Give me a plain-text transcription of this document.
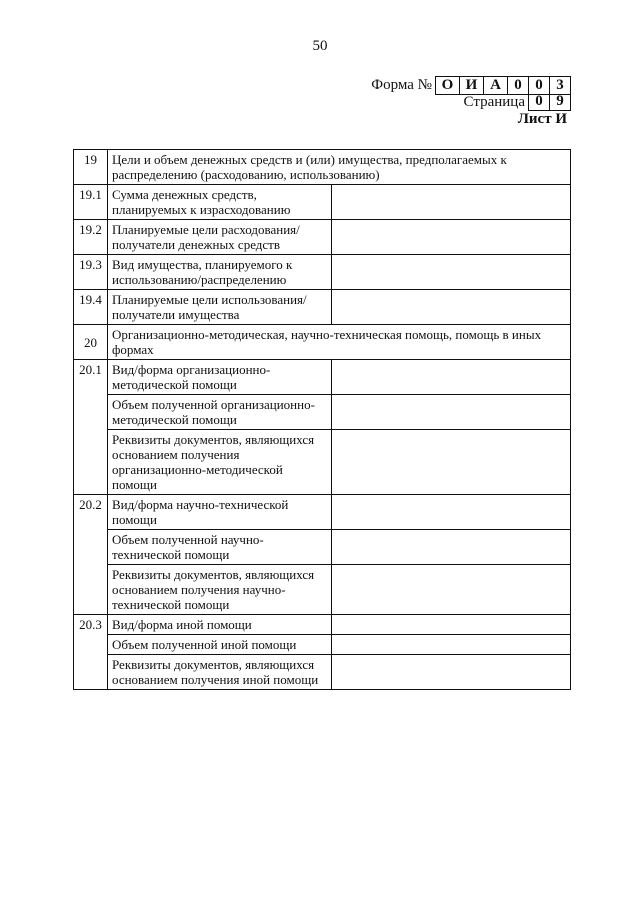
50
Форма № О И А 0 0 3
Страница 0 9
Лист И
19	Цели и объем денежных средств и (или) имущества, предполагаемых к распределению (расходованию, использованию)	
19.1	Сумма денежных средств, планируемых к израсходованию	
19.2	Планируемые цели расходования/ получатели денежных средств	
19.3	Вид имущества, планируемого к использованию/распределению	
19.4	Планируемые цели использования/ получатели имущества	
20	Организационно-методическая, научно-техническая помощь, помощь в иных формах	
20.1	Вид/форма организационно-методической помощи	
	Объем полученной организационно-методической помощи	
	Реквизиты документов, являющихся основанием получения организационно-методической помощи	
20.2	Вид/форма научно-технической помощи	
	Объем полученной научно-технической помощи	
	Реквизиты документов, являющихся основанием получения научно-технической помощи	
20.3	Вид/форма иной помощи	
	Объем полученной иной помощи	
	Реквизиты документов, являющихся основанием получения иной помощи	
